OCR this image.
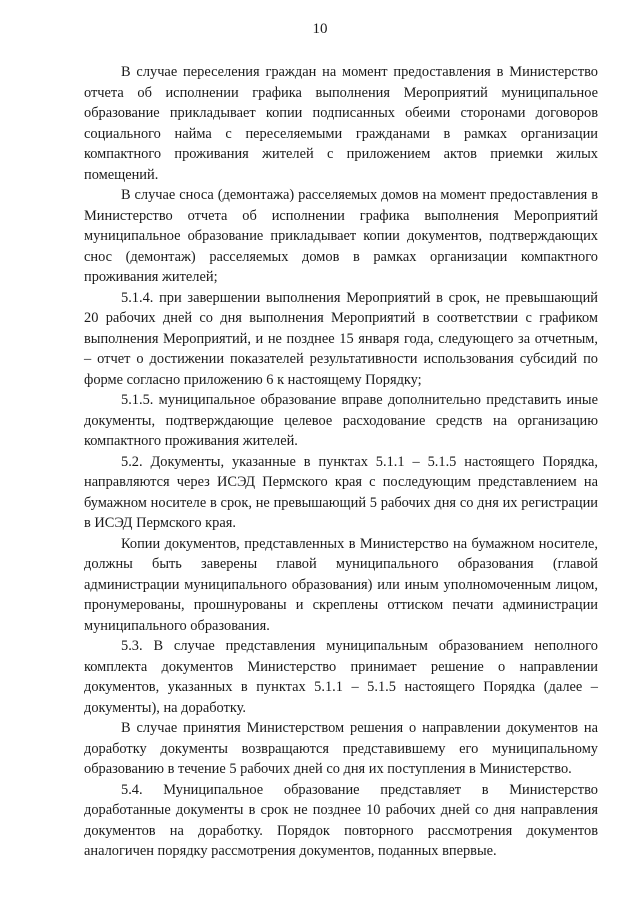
10

В случае переселения граждан на момент предоставления в Министерство отчета об исполнении графика выполнения Мероприятий муниципальное образование прикладывает копии подписанных обеими сторонами договоров социального найма с переселяемыми гражданами в рамках организации компактного проживания жителей с приложением актов приемки жилых помещений.

В случае сноса (демонтажа) расселяемых домов на момент предоставления в Министерство отчета об исполнении графика выполнения Мероприятий муниципальное образование прикладывает копии документов, подтверждающих снос (демонтаж) расселяемых домов в рамках организации компактного проживания жителей;

5.1.4. при завершении выполнения Мероприятий в срок, не превышающий 20 рабочих дней со дня выполнения Мероприятий в соответствии с графиком выполнения Мероприятий, и не позднее 15 января года, следующего за отчетным, – отчет о достижении показателей результативности использования субсидий по форме согласно приложению 6 к настоящему Порядку;

5.1.5. муниципальное образование вправе дополнительно представить иные документы, подтверждающие целевое расходование средств на организацию компактного проживания жителей.

5.2. Документы, указанные в пунктах 5.1.1 – 5.1.5 настоящего Порядка, направляются через ИСЭД Пермского края с последующим представлением на бумажном носителе в срок, не превышающий 5 рабочих дня со дня их регистрации в ИСЭД Пермского края.

Копии документов, представленных в Министерство на бумажном носителе, должны быть заверены главой муниципального образования (главой администрации муниципального образования) или иным уполномоченным лицом, пронумерованы, прошнурованы и скреплены оттиском печати администрации муниципального образования.

5.3. В случае представления муниципальным образованием неполного комплекта документов Министерство принимает решение о направлении документов, указанных в пунктах 5.1.1 – 5.1.5 настоящего Порядка (далее – документы), на доработку.

В случае принятия Министерством решения о направлении документов на доработку документы возвращаются представившему его муниципальному образованию в течение 5 рабочих дней со дня их поступления в Министерство.

5.4. Муниципальное образование представляет в Министерство доработанные документы в срок не позднее 10 рабочих дней со дня направления документов на доработку. Порядок повторного рассмотрения документов аналогичен порядку рассмотрения документов, поданных впервые.
